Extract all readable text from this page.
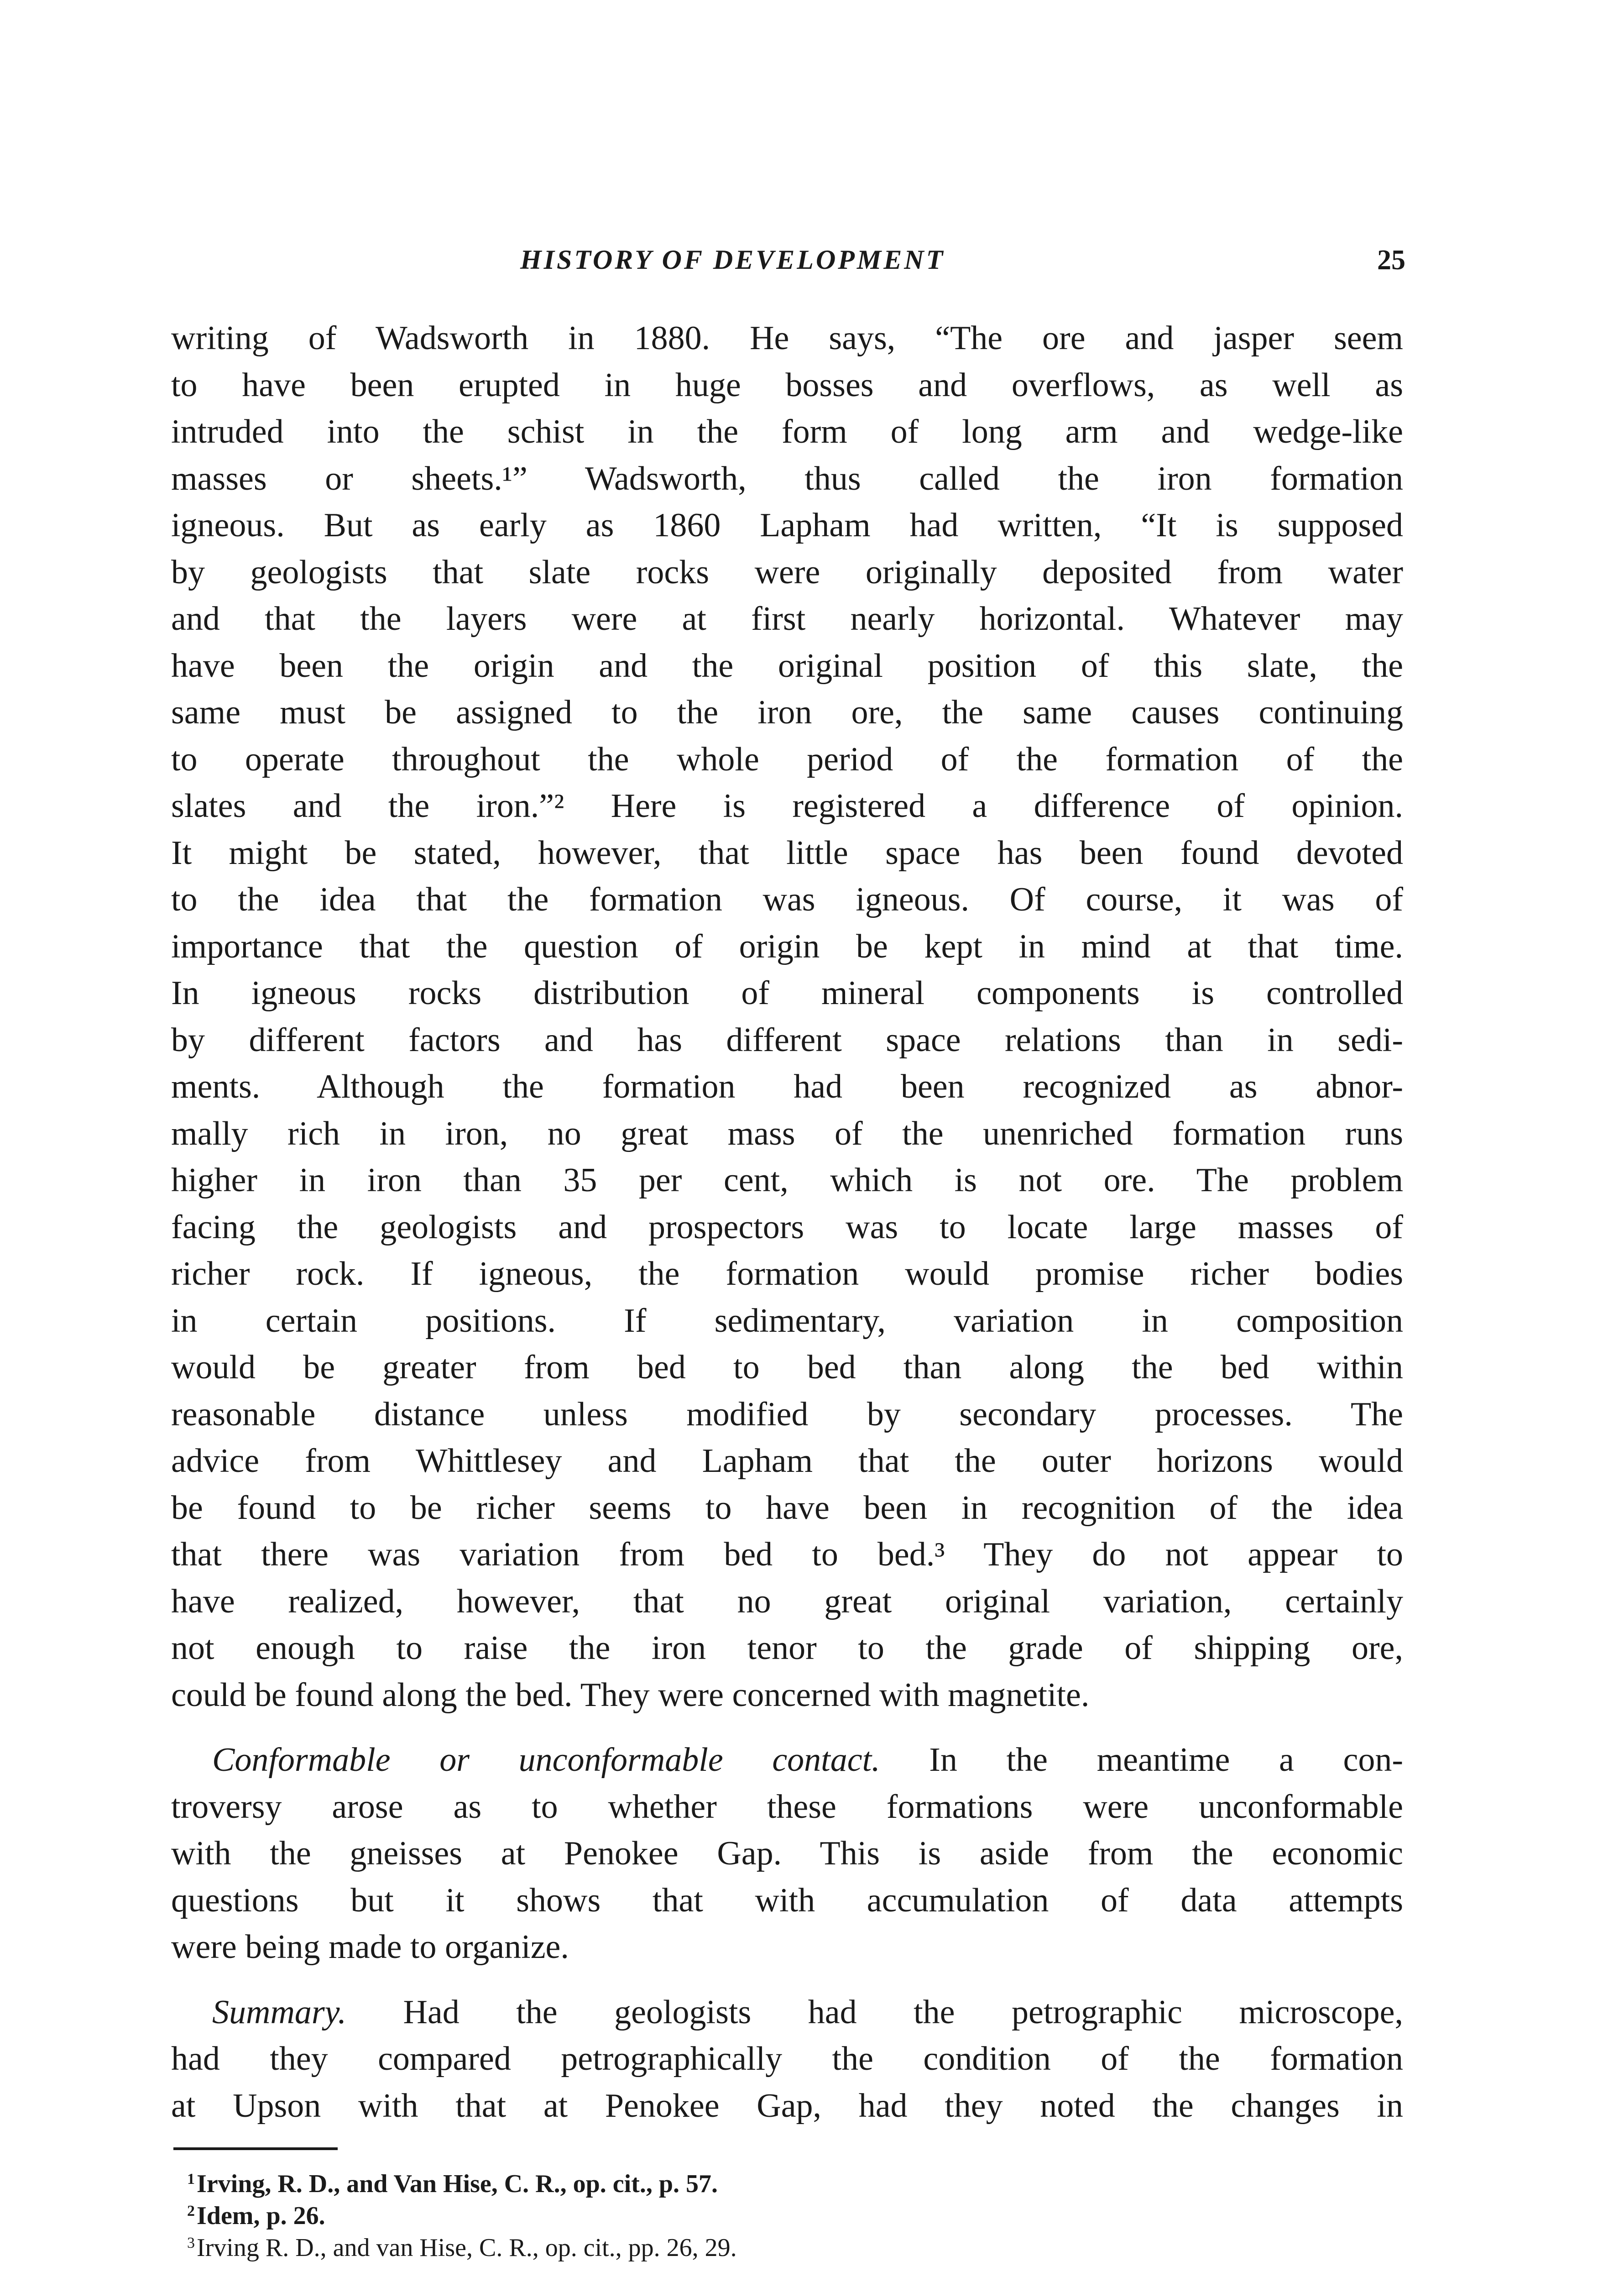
HISTORY OF DEVELOPMENT	25

writing of Wadsworth in 1880. He says, “The ore and jasper seem
to have been erupted in huge bosses and overflows, as well as
intruded into the schist in the form of long arm and wedge-like
masses or sheets.¹” Wadsworth, thus called the iron formation
igneous. But as early as 1860 Lapham had written, “It is supposed
by geologists that slate rocks were originally deposited from water
and that the layers were at first nearly horizontal. Whatever may
have been the origin and the original position of this slate, the
same must be assigned to the iron ore, the same causes continuing
to operate throughout the whole period of the formation of the
slates and the iron.”² Here is registered a difference of opinion.
It might be stated, however, that little space has been found devoted
to the idea that the formation was igneous. Of course, it was of
importance that the question of origin be kept in mind at that time.
In igneous rocks distribution of mineral components is controlled
by different factors and has different space relations than in sedi-
ments. Although the formation had been recognized as abnor-
mally rich in iron, no great mass of the unenriched formation runs
higher in iron than 35 per cent, which is not ore. The problem
facing the geologists and prospectors was to locate large masses of
richer rock. If igneous, the formation would promise richer bodies
in certain positions. If sedimentary, variation in composition
would be greater from bed to bed than along the bed within
reasonable distance unless modified by secondary processes. The
advice from Whittlesey and Lapham that the outer horizons would
be found to be richer seems to have been in recognition of the idea
that there was variation from bed to bed.³ They do not appear to
have realized, however, that no great original variation, certainly
not enough to raise the iron tenor to the grade of shipping ore,
could be found along the bed. They were concerned with magnetite.

Conformable or unconformable contact. In the meantime a con-
troversy arose as to whether these formations were unconformable
with the gneisses at Penokee Gap. This is aside from the economic
questions but it shows that with accumulation of data attempts
were being made to organize.

Summary. Had the geologists had the petrographic microscope,
had they compared petrographically the condition of the formation
at Upson with that at Penokee Gap, had they noted the changes in

$^1$Irving, R. D., and Van Hise, C. R., op. cit., p. 57.
$^2$Idem, p. 26.
$^3$Irving R. D., and van Hise, C. R., op. cit., pp. 26, 29.
